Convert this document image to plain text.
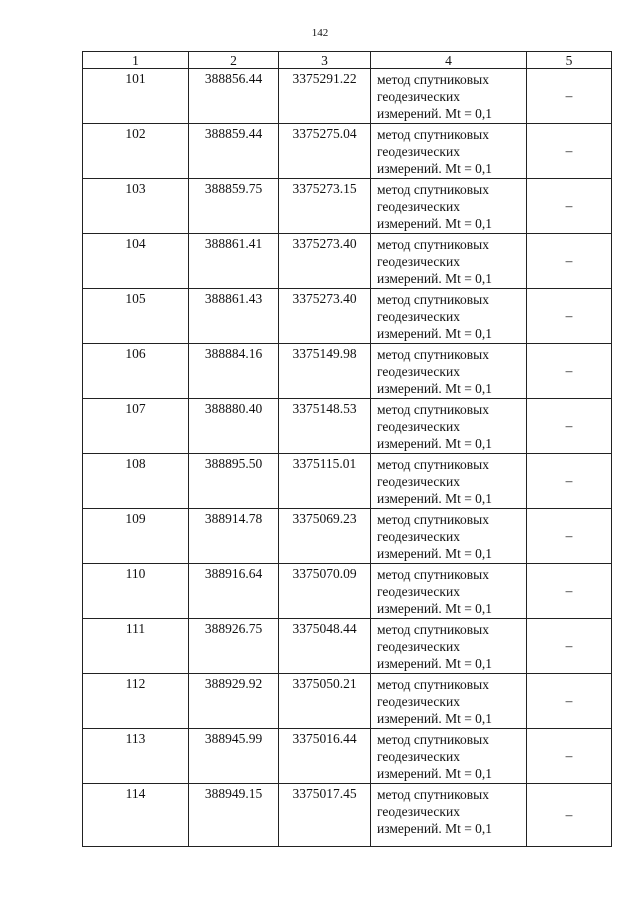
142
1	2	3	4	5
101	388856.44	3375291.22	метод спутниковых
геодезических
измерений. Mt = 0,1	–
102	388859.44	3375275.04	метод спутниковых
геодезических
измерений. Mt = 0,1	–
103	388859.75	3375273.15	метод спутниковых
геодезических
измерений. Mt = 0,1	–
104	388861.41	3375273.40	метод спутниковых
геодезических
измерений. Mt = 0,1	–
105	388861.43	3375273.40	метод спутниковых
геодезических
измерений. Mt = 0,1	–
106	388884.16	3375149.98	метод спутниковых
геодезических
измерений. Mt = 0,1	–
107	388880.40	3375148.53	метод спутниковых
геодезических
измерений. Mt = 0,1	–
108	388895.50	3375115.01	метод спутниковых
геодезических
измерений. Mt = 0,1	–
109	388914.78	3375069.23	метод спутниковых
геодезических
измерений. Mt = 0,1	–
110	388916.64	3375070.09	метод спутниковых
геодезических
измерений. Mt = 0,1	–
111	388926.75	3375048.44	метод спутниковых
геодезических
измерений. Mt = 0,1	–
112	388929.92	3375050.21	метод спутниковых
геодезических
измерений. Mt = 0,1	–
113	388945.99	3375016.44	метод спутниковых
геодезических
измерений. Mt = 0,1	–
114	388949.15	3375017.45	метод спутниковых
геодезических
измерений. Mt = 0,1	–
